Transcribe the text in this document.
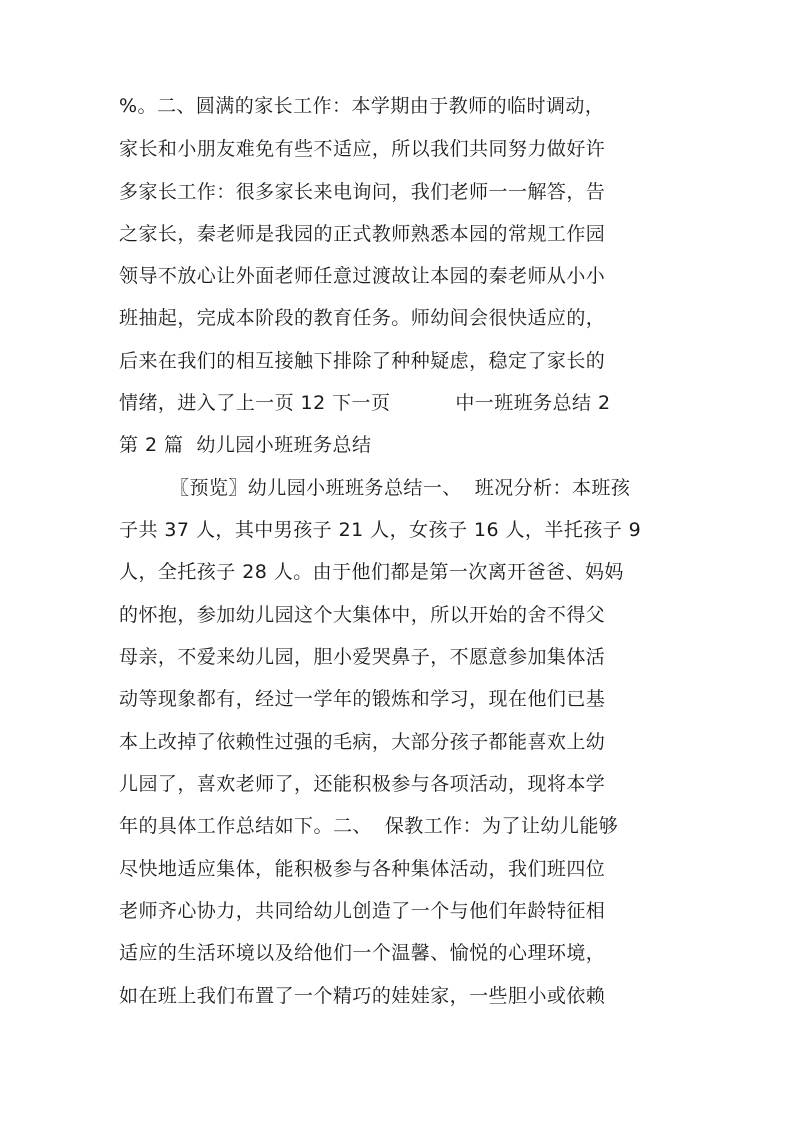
%。二、圆满的家长工作：本学期由于教师的临时调动，
家长和小朋友难免有些不适应，所以我们共同努力做好许
多家长工作：很多家长来电询问，我们老师一一解答，告
之家长，秦老师是我园的正式教师熟悉本园的常规工作园
领导不放心让外面老师任意过渡故让本园的秦老师从小小
班抽起，完成本阶段的教育任务。师幼间会很快适应的，
后来在我们的相互接触下排除了种种疑虑，稳定了家长的
情绪，进入了上一页 12 下一页          中一班班务总结 2
第 2 篇  幼儿园小班班务总结
〖预览〗幼儿园小班班务总结一、  班况分析：本班孩
子共 37 人，其中男孩子 21 人，女孩子 16 人，半托孩子 9
人，全托孩子 28 人。由于他们都是第一次离开爸爸、妈妈
的怀抱，参加幼儿园这个大集体中，所以开始的舍不得父
母亲，不爱来幼儿园，胆小爱哭鼻子，不愿意参加集体活
动等现象都有，经过一学年的锻炼和学习，现在他们已基
本上改掉了依赖性过强的毛病，大部分孩子都能喜欢上幼
儿园了，喜欢老师了，还能积极参与各项活动，现将本学
年的具体工作总结如下。二、  保教工作：为了让幼儿能够
尽快地适应集体，能积极参与各种集体活动，我们班四位
老师齐心协力，共同给幼儿创造了一个与他们年龄特征相
适应的生活环境以及给他们一个温馨、愉悦的心理环境，
如在班上我们布置了一个精巧的娃娃家，一些胆小或依赖
